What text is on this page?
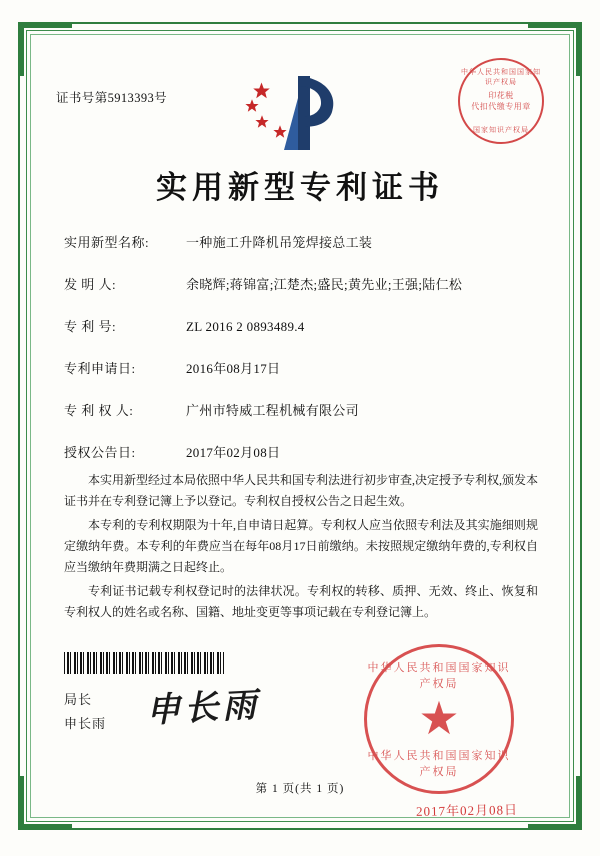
证书号第5913393号
中华人民共和国国家知识产权局
印花税
代扣代缴专用章
国家知识产权局
实用新型专利证书
实用新型名称:	一种施工升降机吊笼焊接总工装
发 明 人:	余晓辉;蒋锦富;江楚杰;盛民;黄先业;王强;陆仁松
专 利 号:	ZL 2016 2 0893489.4
专利申请日:	2016年08月17日
专 利 权 人:	广州市特威工程机械有限公司
授权公告日:	2017年02月08日

本实用新型经过本局依照中华人民共和国专利法进行初步审查,决定授予专利权,颁发本证书并在专利登记簿上予以登记。专利权自授权公告之日起生效。

本专利的专利权期限为十年,自申请日起算。专利权人应当依照专利法及其实施细则规定缴纳年费。本专利的年费应当在每年08月17日前缴纳。未按照规定缴纳年费的,专利权自应当缴纳年费期满之日起终止。

专利证书记载专利权登记时的法律状况。专利权的转移、质押、无效、终止、恢复和专利权人的姓名或名称、国籍、地址变更等事项记载在专利登记簿上。

局长
申长雨 申长雨
中华人民共和国国家知识产权局
★
中华人民共和国国家知识产权局
2017年02月08日
第 1 页(共 1 页)
